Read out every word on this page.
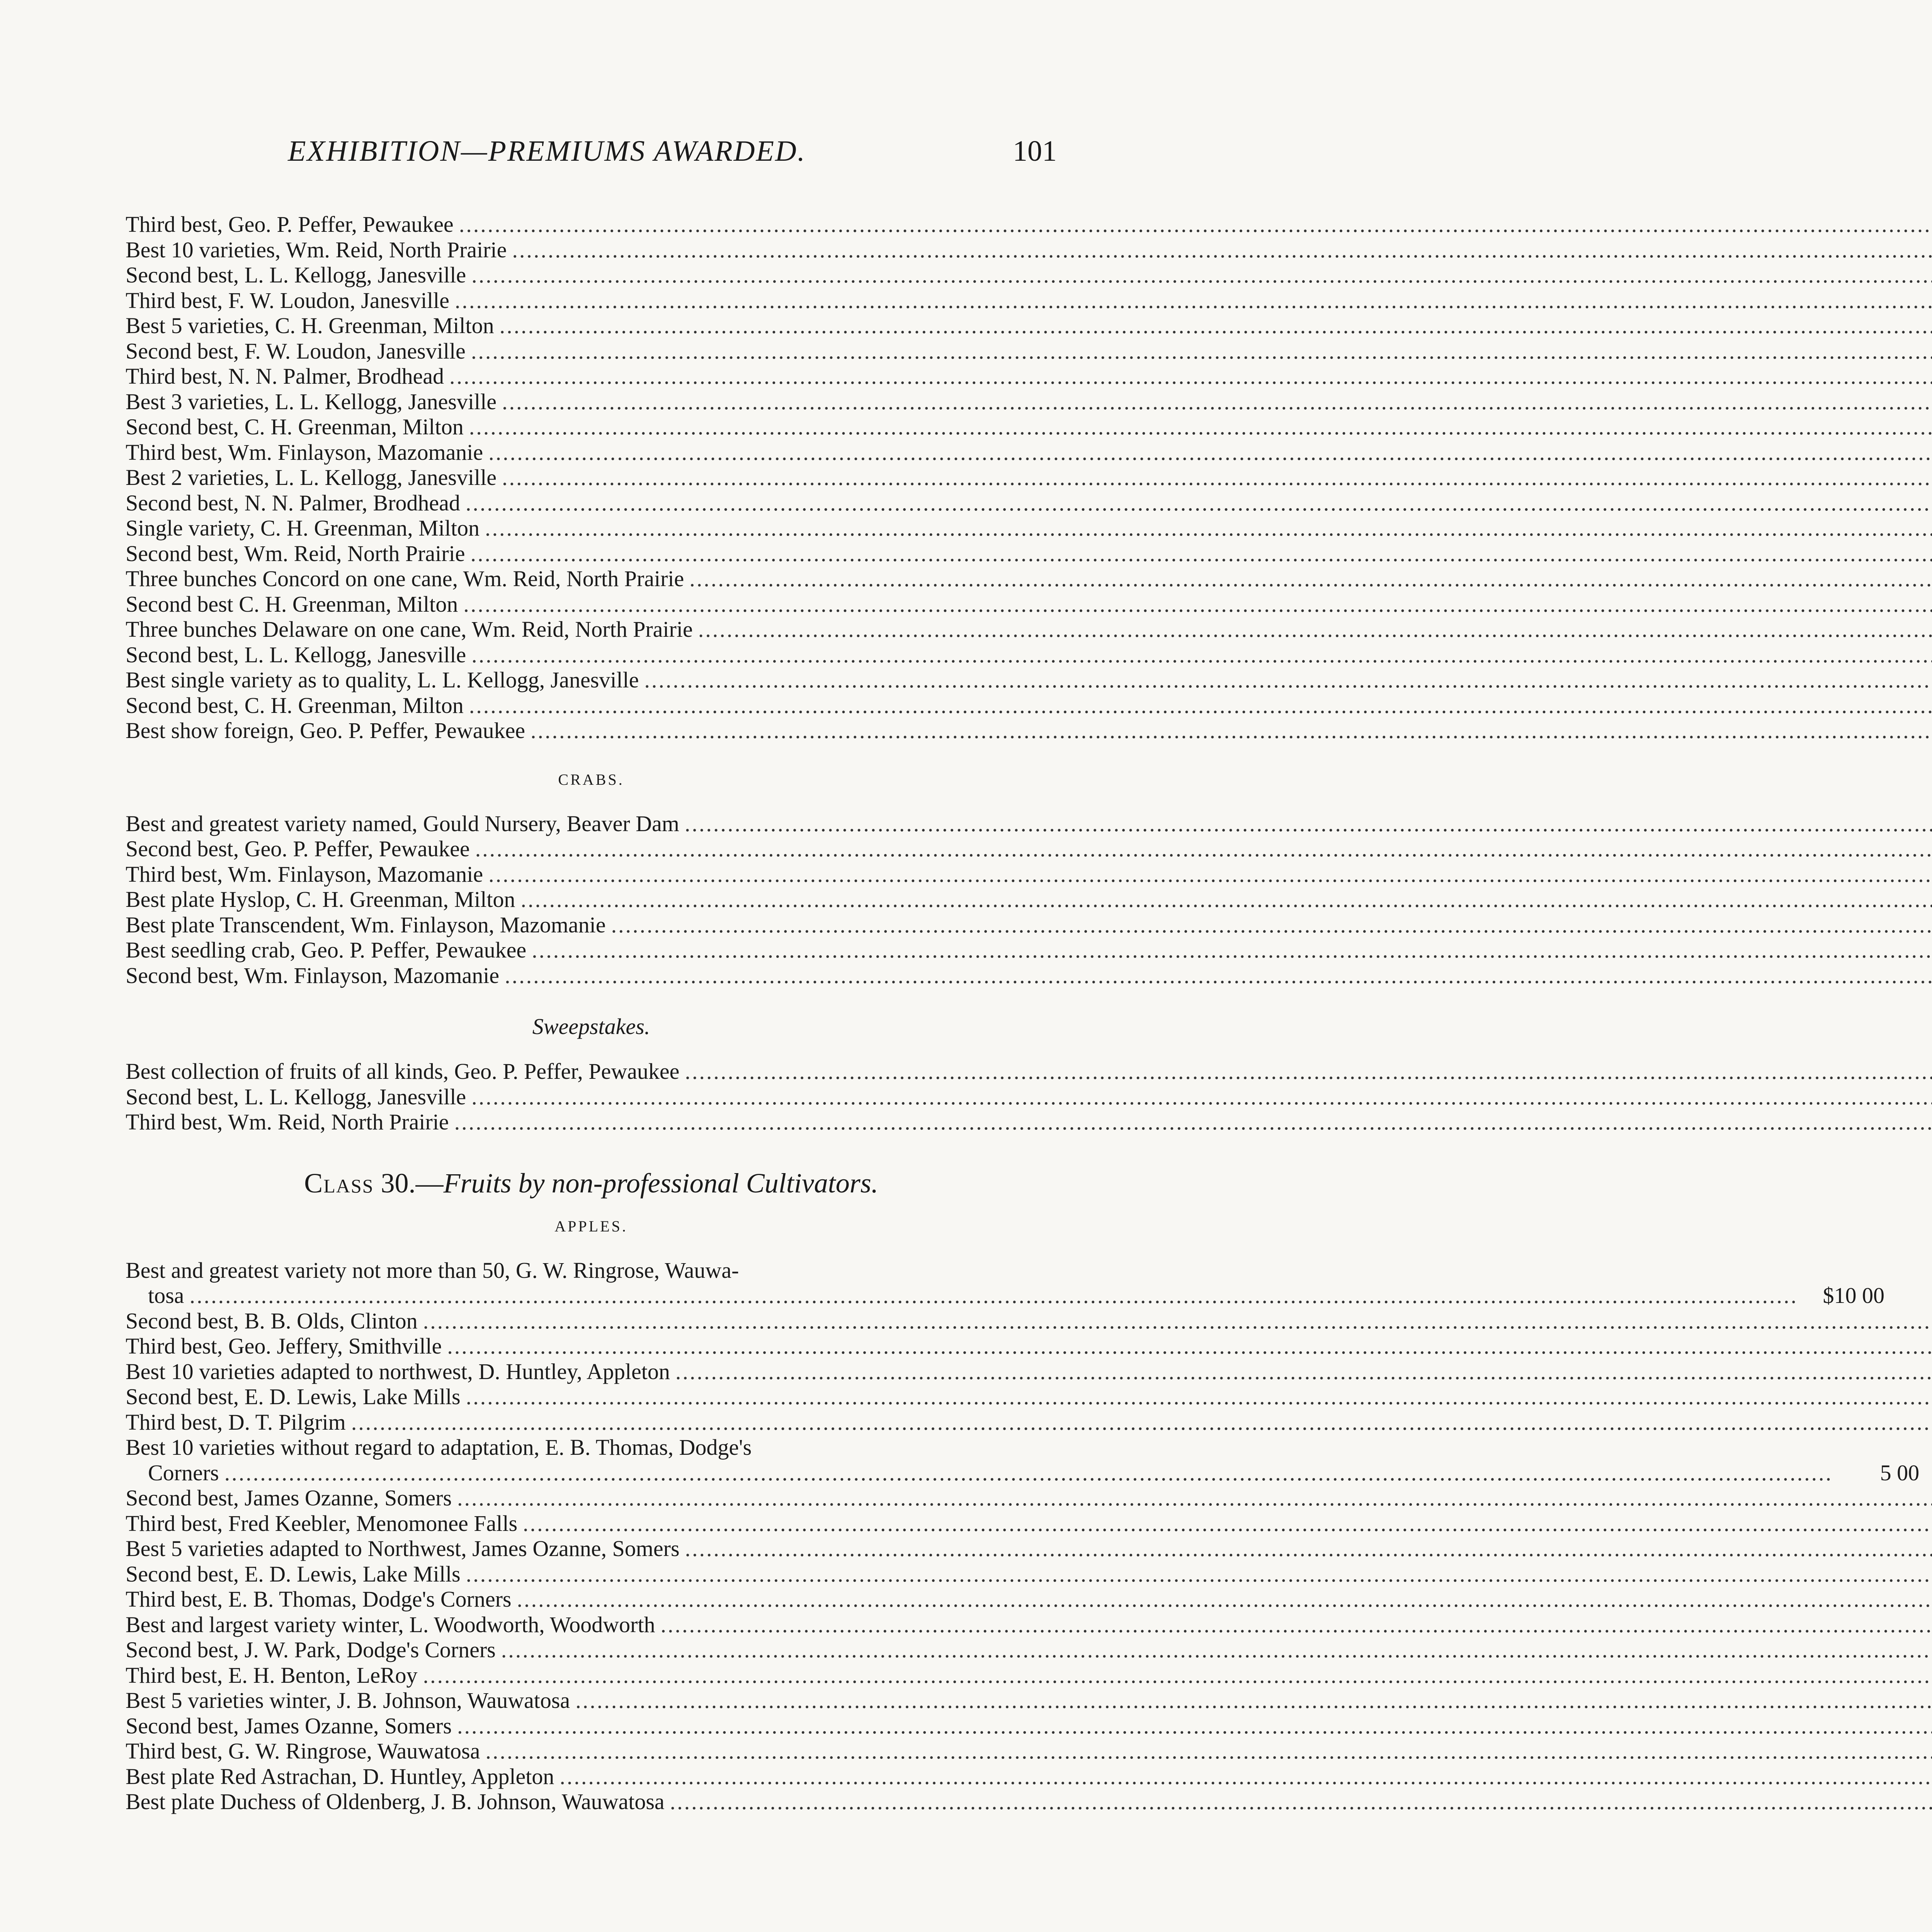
EXHIBITION—PREMIUMS AWARDED.	101
Third best, Geo. P. Peffer, Pewaukee
.....
Best 10 varieties, Wm. Reid, North Prairie
.....
Second best, L. L. Kellogg, Janesville
.....
Third best, F. W. Loudon, Janesville
.....
Best 5 varieties, C. H. Greenman, Milton
.....
Second best, F. W. Loudon, Janesville
.....
Third best, N. N. Palmer, Brodhead
.....
Best 3 varieties, L. L. Kellogg, Janesville
.....
Second best, C. H. Greenman, Milton
.....
Third best, Wm. Finlayson, Mazomanie
.....
Best 2 varieties, L. L. Kellogg, Janesville
.....
Second best, N. N. Palmer, Brodhead
.....
Single variety, C. H. Greenman, Milton
.....
Second best, Wm. Reid, North Prairie
.....
Three bunches Concord on one cane, Wm. Reid, North Prairie
.....
Second best C. H. Greenman, Milton
.....
Three bunches Delaware on one cane, Wm. Reid, North Prairie
.....
Second best, L. L. Kellogg, Janesville
.....
Best single variety as to quality, L. L. Kellogg, Janesville
.....
Second best, C. H. Greenman, Milton
.....
Best show foreign, Geo. P. Peffer, Pewaukee
.....
CRABS.
Best and greatest variety named, Gould Nursery, Beaver Dam
.....
Second best, Geo. P. Peffer, Pewaukee
.....
Third best, Wm. Finlayson, Mazomanie
.....
Best plate Hyslop, C. H. Greenman, Milton
.....
Best plate Transcendent, Wm. Finlayson, Mazomanie
.....
Best seedling crab, Geo. P. Peffer, Pewaukee
.....
Second best, Wm. Finlayson, Mazomanie
.....
Sweepstakes.
Best collection of fruits of all kinds, Geo. P. Peffer, Pewaukee
.....
Second best, L. L. Kellogg, Janesville
.....
Third best, Wm. Reid, North Prairie
.....
Class 30.—Fruits by non-professional Cultivators.
APPLES.
Best and greatest variety not more than 50, G. W. Ringrose, Wauwa-
tosa .....	$10 00
Second best, B. B. Olds, Clinton
.....
Third best, Geo. Jeffery, Smithville
.....
Best 10 varieties adapted to northwest, D. Huntley, Appleton
.....
Second best, E. D. Lewis, Lake Mills
.....
Third best, D. T. Pilgrim
.....
Best 10 varieties without regard to adaptation, E. B. Thomas, Dodge's
Corners .....	5 00
Second best, James Ozanne, Somers
.....
Third best, Fred Keebler, Menomonee Falls
.....
Best 5 varieties adapted to Northwest, James Ozanne, Somers
.....
Second best, E. D. Lewis, Lake Mills
.....
Third best, E. B. Thomas, Dodge's Corners
.....
Best and largest variety winter, L. Woodworth, Woodworth
.....
Second best, J. W. Park, Dodge's Corners
.....
Third best, E. H. Benton, LeRoy
.....
Best 5 varieties winter, J. B. Johnson, Wauwatosa
.....
Second best, James Ozanne, Somers
.....
Third best, G. W. Ringrose, Wauwatosa
.....
Best plate Red Astrachan, D. Huntley, Appleton
.....
Best plate Duchess of Oldenberg, J. B. Johnson, Wauwatosa
.....
